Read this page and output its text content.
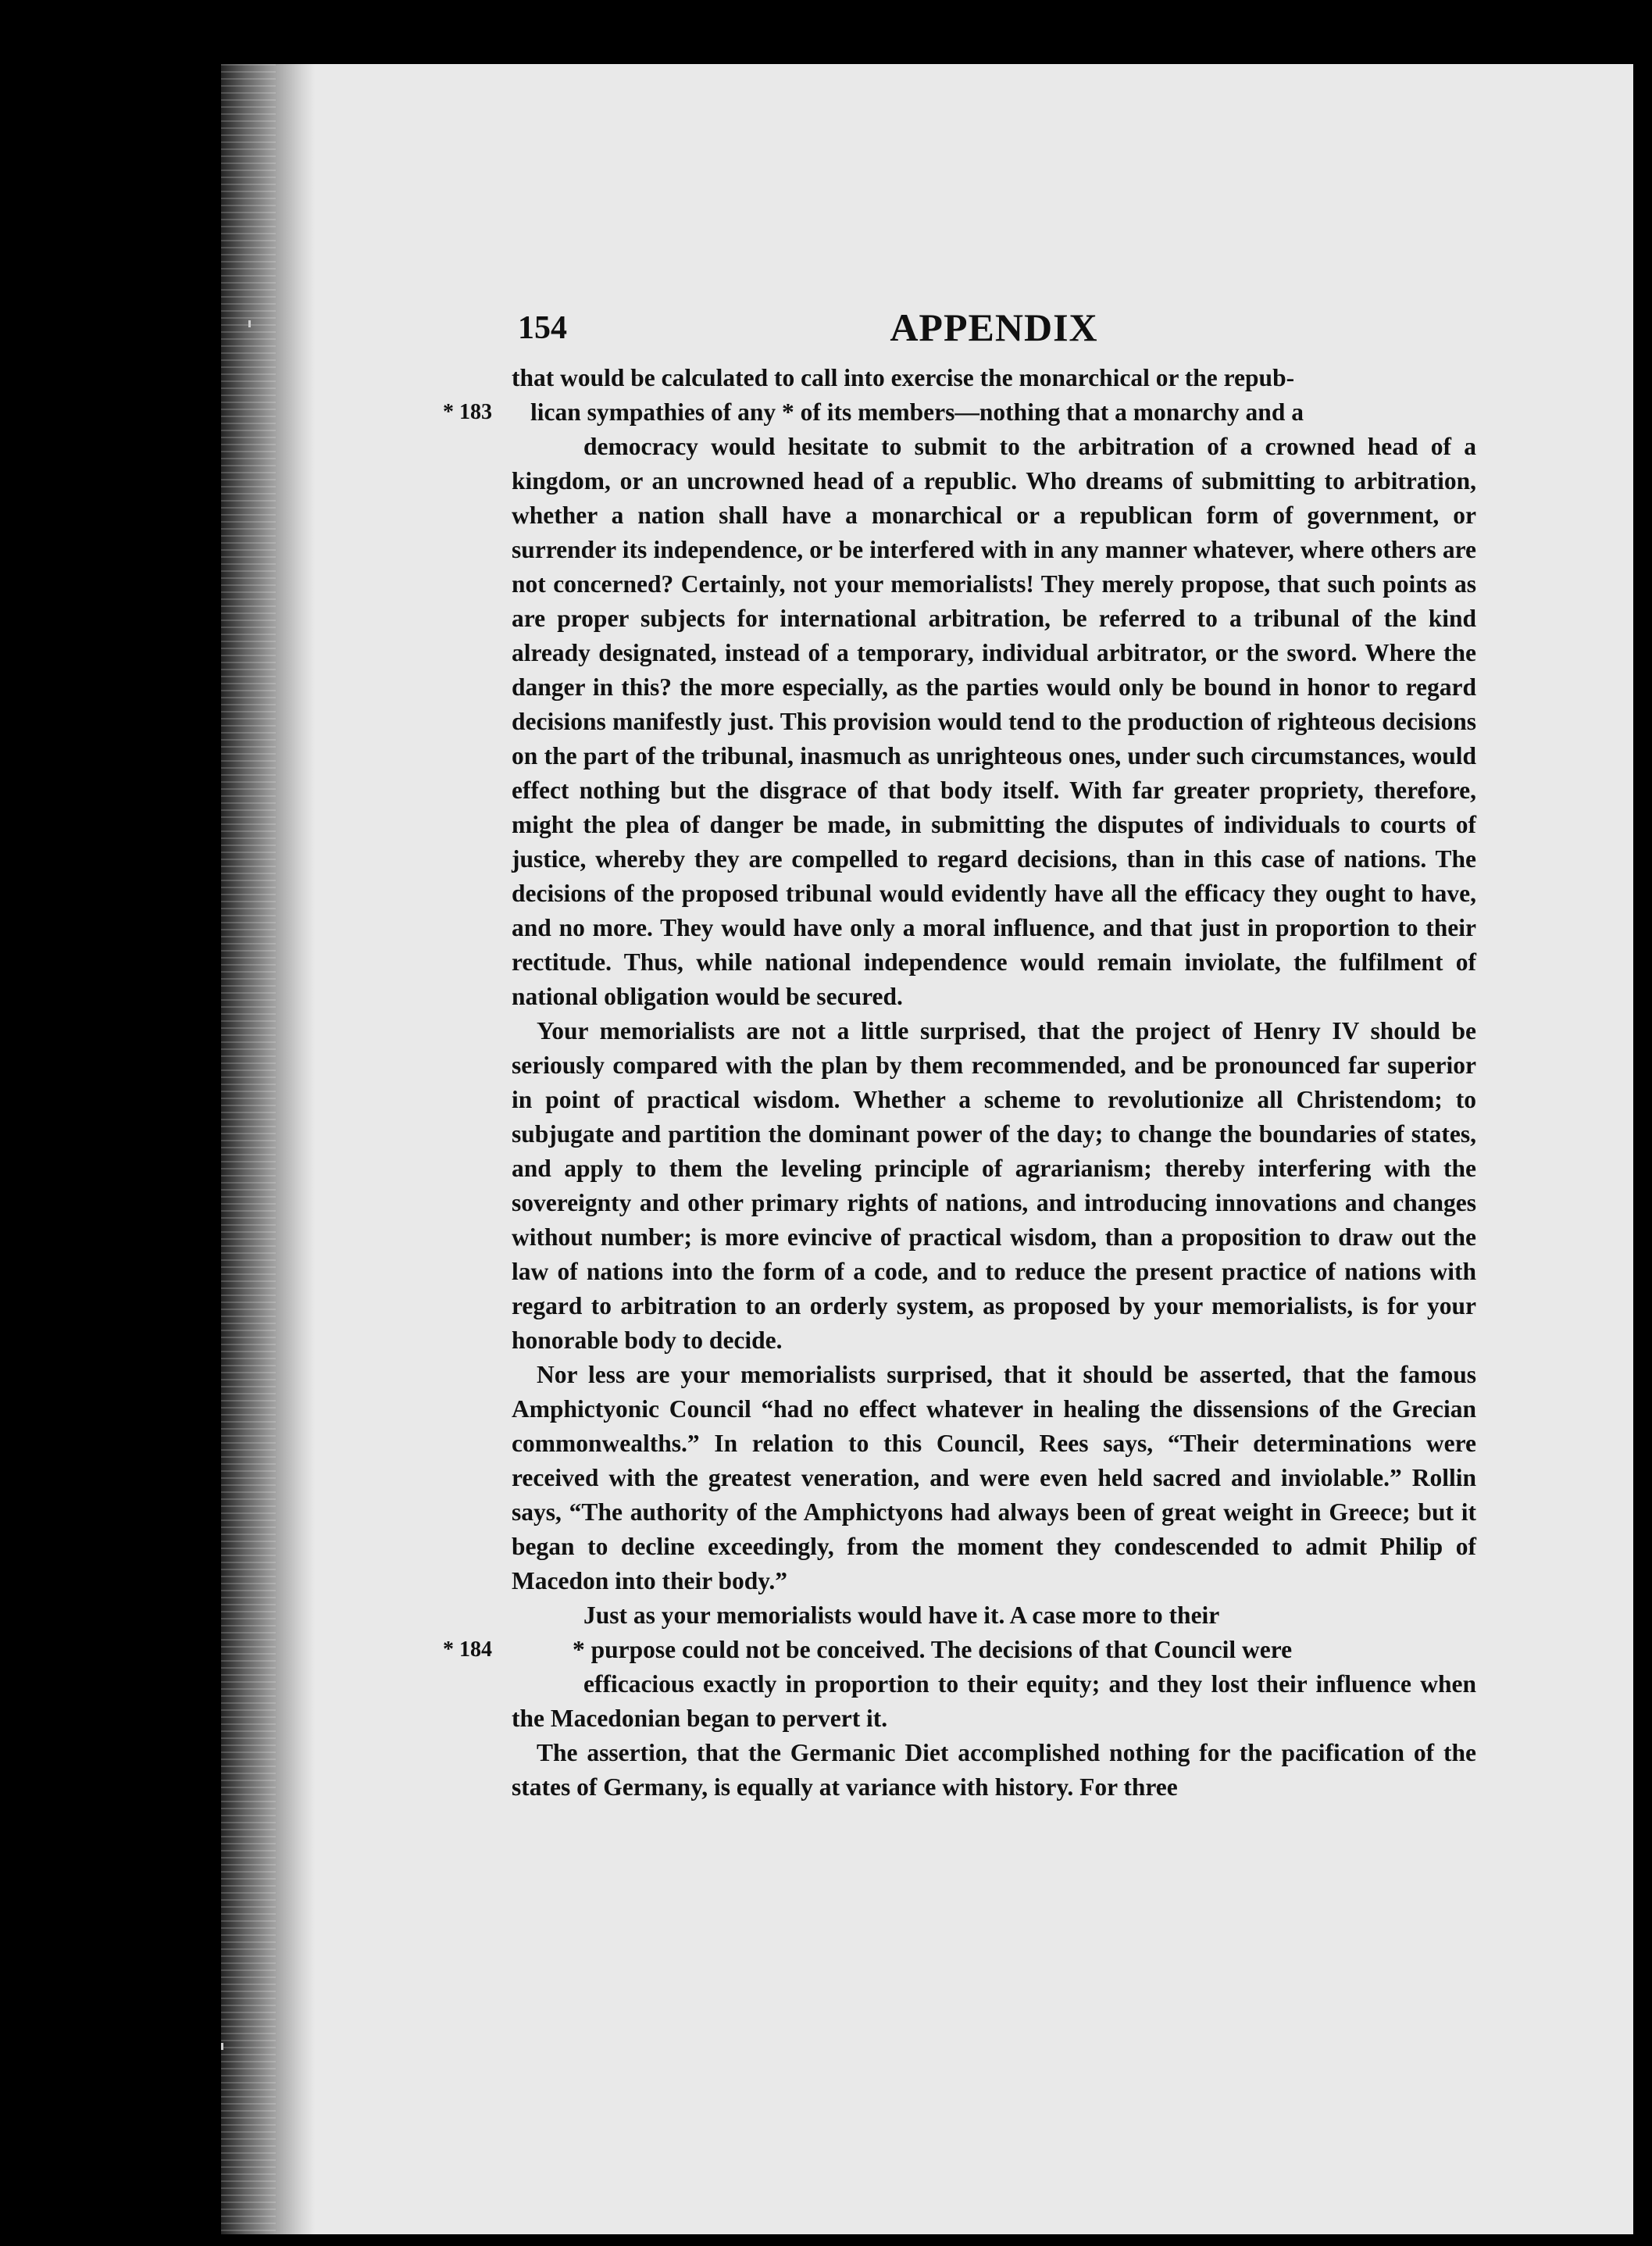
154	APPENDIX
that would be calculated to call into exercise the monarchical or the repub-
* 183 lican sympathies of any * of its members—nothing that a monarchy and a
democracy would hesitate to submit to the arbitration of a crowned head of a kingdom, or an uncrowned head of a republic. Who dreams of submitting to arbitration, whether a nation shall have a monarchical or a republican form of government, or surrender its independence, or be interfered with in any manner whatever, where others are not concerned? Certainly, not your memorialists! They merely propose, that such points as are proper subjects for international arbitration, be referred to a tribunal of the kind already designated, instead of a temporary, individual arbitrator, or the sword. Where the danger in this? the more especially, as the parties would only be bound in honor to regard decisions manifestly just. This provision would tend to the production of righteous decisions on the part of the tribunal, inasmuch as unrighteous ones, under such circumstances, would effect nothing but the disgrace of that body itself. With far greater propriety, therefore, might the plea of danger be made, in submitting the disputes of individuals to courts of justice, whereby they are compelled to regard decisions, than in this case of nations. The decisions of the proposed tribunal would evidently have all the efficacy they ought to have, and no more. They would have only a moral influence, and that just in proportion to their rectitude. Thus, while national independence would remain inviolate, the fulfilment of national obligation would be secured.

Your memorialists are not a little surprised, that the project of Henry IV should be seriously compared with the plan by them recommended, and be pronounced far superior in point of practical wisdom. Whether a scheme to revolutionize all Christendom; to subjugate and partition the dominant power of the day; to change the boundaries of states, and apply to them the leveling principle of agrarianism; thereby interfering with the sovereignty and other primary rights of nations, and introducing innovations and changes without number; is more evincive of practical wisdom, than a proposition to draw out the law of nations into the form of a code, and to reduce the present practice of nations with regard to arbitration to an orderly system, as proposed by your memorialists, is for your honorable body to decide.

Nor less are your memorialists surprised, that it should be asserted, that the famous Amphictyonic Council “had no effect whatever in healing the dissensions of the Grecian commonwealths.” In relation to this Council, Rees says, “Their determinations were received with the greatest veneration, and were even held sacred and inviolable.” Rollin says, “The authority of the Amphictyons had always been of great weight in Greece; but it began to decline exceedingly, from the moment they condescended to admit Philip of Macedon into their body.”

Just as your memorialists would have it. A case more to their
* 184	* purpose could not be conceived. The decisions of that Council were
efficacious exactly in proportion to their equity; and they lost their influence when the Macedonian began to pervert it.

The assertion, that the Germanic Diet accomplished nothing for the pacification of the states of Germany, is equally at variance with history. For three
